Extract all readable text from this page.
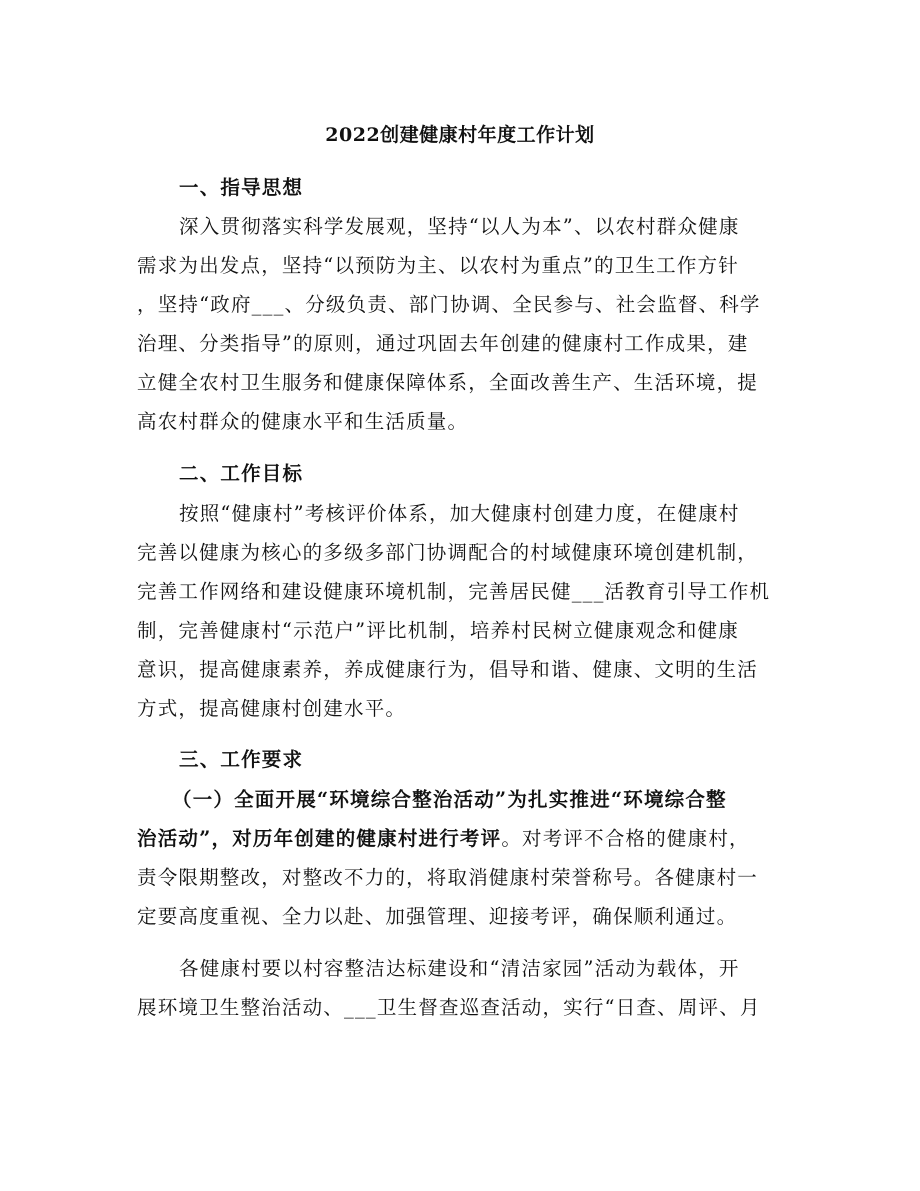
2022创建健康村年度工作计划
一、指导思想
深入贯彻落实科学发展观，坚持“以人为本”、以农村群众健康
需求为出发点，坚持“以预防为主、以农村为重点”的卫生工作方针
，坚持“政府___、分级负责、部门协调、全民参与、社会监督、科学
治理、分类指导”的原则，通过巩固去年创建的健康村工作成果，建
立健全农村卫生服务和健康保障体系，全面改善生产、生活环境，提
高农村群众的健康水平和生活质量。
二、工作目标
按照“健康村”考核评价体系，加大健康村创建力度，在健康村
完善以健康为核心的多级多部门协调配合的村域健康环境创建机制，
完善工作网络和建设健康环境机制，完善居民健___活教育引导工作机
制，完善健康村“示范户”评比机制，培养村民树立健康观念和健康
意识，提高健康素养，养成健康行为，倡导和谐、健康、文明的生活
方式，提高健康村创建水平。
三、工作要求
（一）全面开展“环境综合整治活动”为扎实推进“环境综合整
治活动”，对历年创建的健康村进行考评。对考评不合格的健康村，
责令限期整改，对整改不力的，将取消健康村荣誉称号。各健康村一
定要高度重视、全力以赴、加强管理、迎接考评，确保顺利通过。
各健康村要以村容整洁达标建设和“清洁家园”活动为载体，开
展环境卫生整治活动、___卫生督查巡查活动，实行“日查、周评、月
